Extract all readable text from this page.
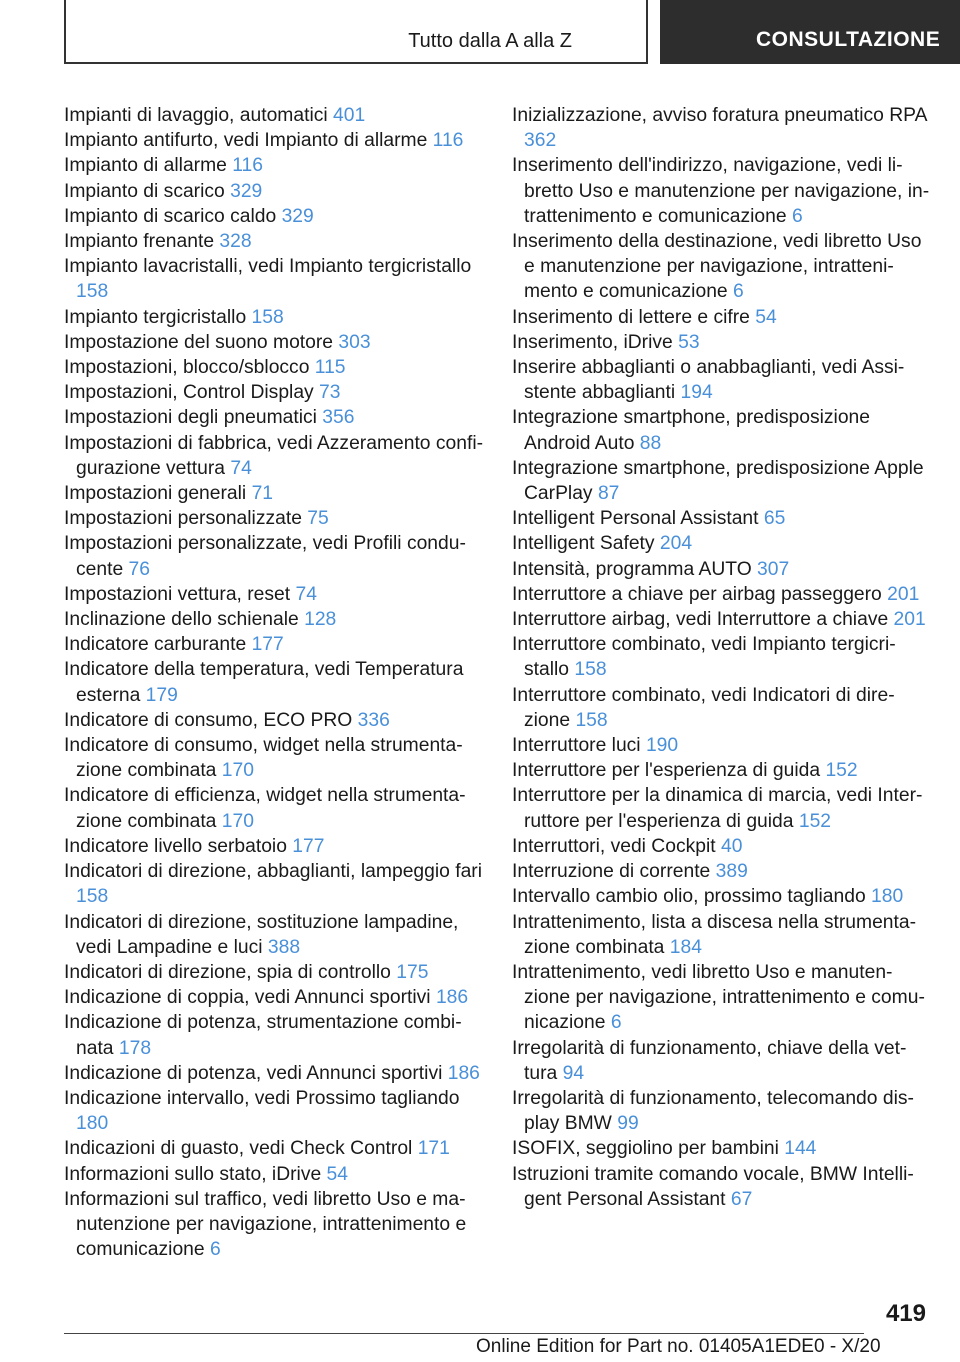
Tutto dalla A alla Z	CONSULTAZIONE

Impianti di lavaggio, automatici 401

Impianto antifurto, vedi Impianto di allarme 116

Impianto di allarme 116

Impianto di scarico 329

Impianto di scarico caldo 329

Impianto frenante 328

Impianto lavacristalli, vedi Impianto tergicristallo 158

Impianto tergicristallo 158

Impostazione del suono motore 303

Impostazioni, blocco/sblocco 115

Impostazioni, Control Display 73

Impostazioni degli pneumatici 356

Impostazioni di fabbrica, vedi Azzeramento configurazione vettura 74

Impostazioni generali 71

Impostazioni personalizzate 75

Impostazioni personalizzate, vedi Profili conducente 76

Impostazioni vettura, reset 74

Inclinazione dello schienale 128

Indicatore carburante 177

Indicatore della temperatura, vedi Temperatura esterna 179

Indicatore di consumo, ECO PRO 336

Indicatore di consumo, widget nella strumentazione combinata 170

Indicatore di efficienza, widget nella strumentazione combinata 170

Indicatore livello serbatoio 177

Indicatori di direzione, abbaglianti, lampeggio fari 158

Indicatori di direzione, sostituzione lampadine, vedi Lampadine e luci 388

Indicatori di direzione, spia di controllo 175

Indicazione di coppia, vedi Annunci sportivi 186

Indicazione di potenza, strumentazione combinata 178

Indicazione di potenza, vedi Annunci sportivi 186

Indicazione intervallo, vedi Prossimo tagliando 180

Indicazioni di guasto, vedi Check Control 171

Informazioni sullo stato, iDrive 54

Informazioni sul traffico, vedi libretto Uso e manutenzione per navigazione, intrattenimento e comunicazione 6

Inizializzazione, avviso foratura pneumatico RPA 362

Inserimento dell'indirizzo, navigazione, vedi libretto Uso e manutenzione per navigazione, intrattenimento e comunicazione 6

Inserimento della destinazione, vedi libretto Uso e manutenzione per navigazione, intrattenimento e comunicazione 6

Inserimento di lettere e cifre 54

Inserimento, iDrive 53

Inserire abbaglianti o anabbaglianti, vedi Assistente abbaglianti 194

Integrazione smartphone, predisposizione Android Auto 88

Integrazione smartphone, predisposizione Apple CarPlay 87

Intelligent Personal Assistant 65

Intelligent Safety 204

Intensità, programma AUTO 307

Interruttore a chiave per airbag passeggero 201

Interruttore airbag, vedi Interruttore a chiave 201

Interruttore combinato, vedi Impianto tergicristallo 158

Interruttore combinato, vedi Indicatori di direzione 158

Interruttore luci 190

Interruttore per l'esperienza di guida 152

Interruttore per la dinamica di marcia, vedi Interruttore per l'esperienza di guida 152

Interruttori, vedi Cockpit 40

Interruzione di corrente 389

Intervallo cambio olio, prossimo tagliando 180

Intrattenimento, lista a discesa nella strumentazione combinata 184

Intrattenimento, vedi libretto Uso e manutenzione per navigazione, intrattenimento e comunicazione 6

Irregolarità di funzionamento, chiave della vettura 94

Irregolarità di funzionamento, telecomando display BMW 99

ISOFIX, seggiolino per bambini 144

Istruzioni tramite comando vocale, BMW Intelligent Personal Assistant 67

419
Online Edition for Part no. 01405A1EDE0 - X/20
